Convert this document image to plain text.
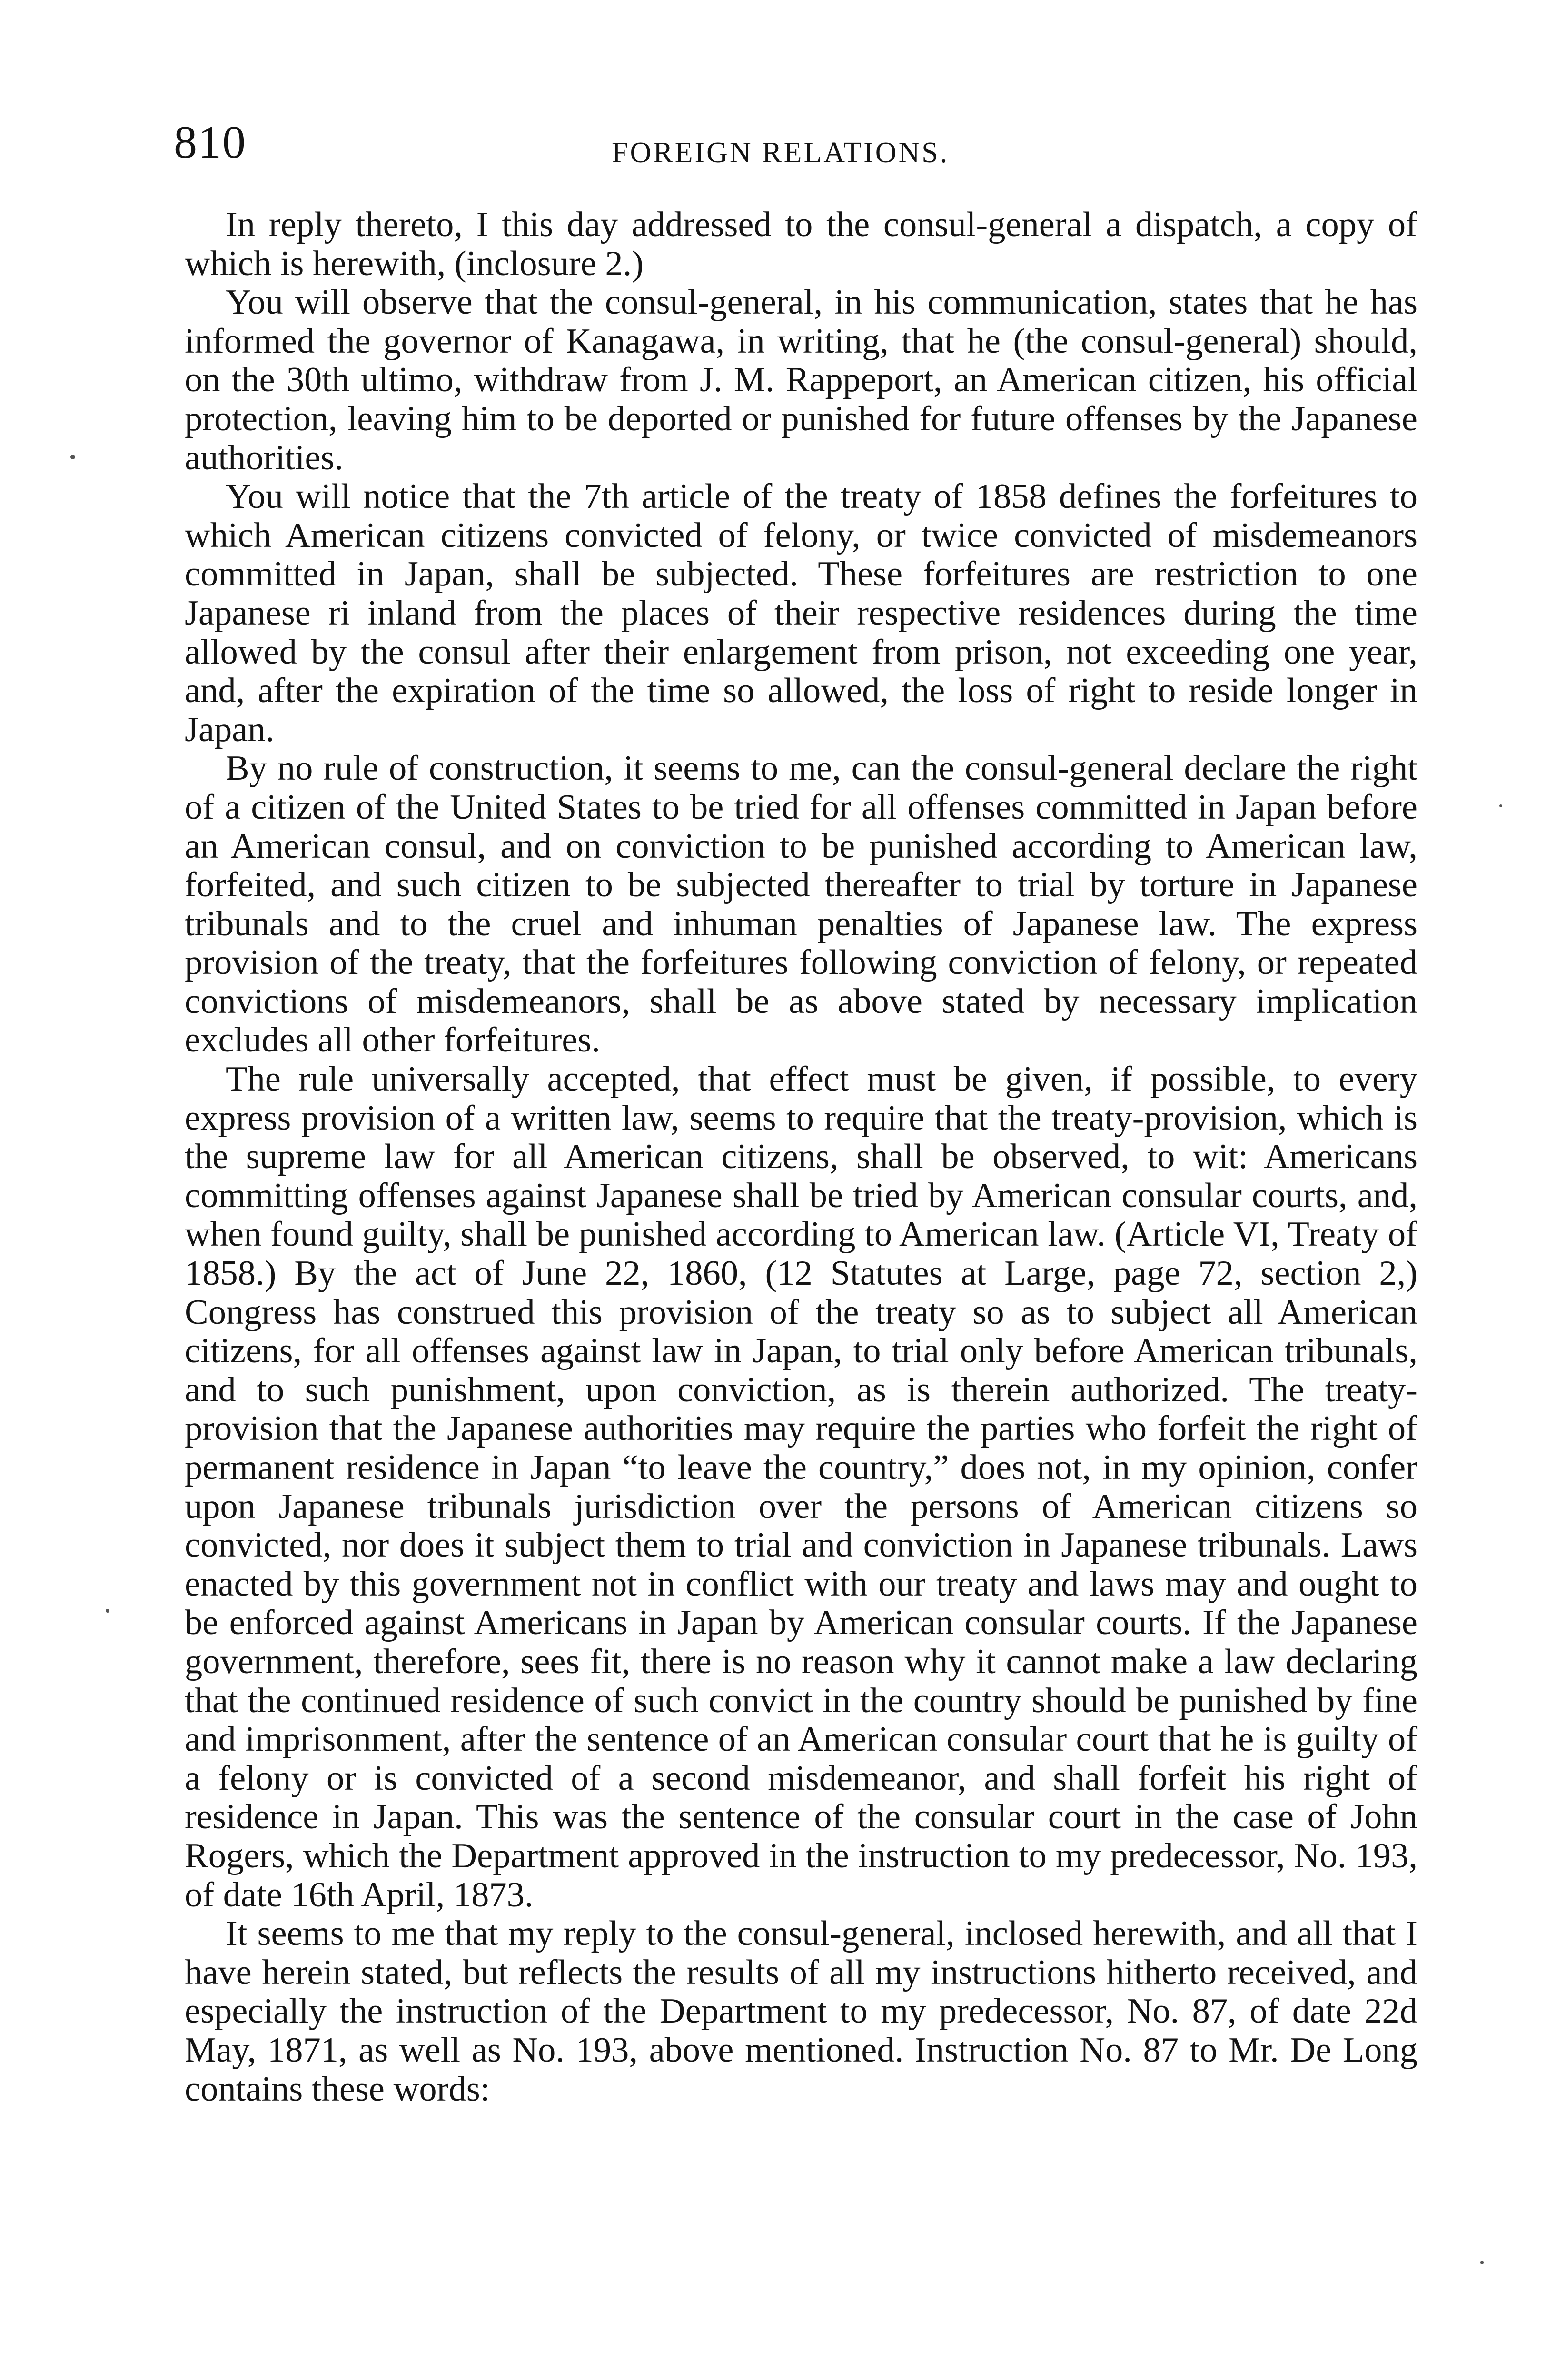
810	FOREIGN RELATIONS.

In reply thereto, I this day addressed to the consul-general a dispatch, a copy of which is herewith, (inclosure 2.)

You will observe that the consul-general, in his communication, states that he has informed the governor of Kanagawa, in writing, that he (the consul-general) should, on the 30th ultimo, withdraw from J. M. Rappeport, an American citizen, his official protection, leaving him to be deported or punished for future offenses by the Japanese authorities.

You will notice that the 7th article of the treaty of 1858 defines the forfeitures to which American citizens convicted of felony, or twice convicted of misdemeanors committed in Japan, shall be subjected. These forfeitures are restriction to one Japanese ri inland from the places of their respective residences during the time allowed by the consul after their enlargement from prison, not exceeding one year, and, after the expiration of the time so allowed, the loss of right to reside longer in Japan.

By no rule of construction, it seems to me, can the consul-general declare the right of a citizen of the United States to be tried for all offenses committed in Japan before an American consul, and on conviction to be punished according to American law, forfeited, and such citizen to be subjected thereafter to trial by torture in Japanese tribunals and to the cruel and inhuman penalties of Japanese law. The express provision of the treaty, that the forfeitures following conviction of felony, or repeated convictions of misdemeanors, shall be as above stated by necessary implication excludes all other forfeitures.

The rule universally accepted, that effect must be given, if possible, to every express provision of a written law, seems to require that the treaty-provision, which is the supreme law for all American citizens, shall be observed, to wit: Americans committing offenses against Japanese shall be tried by American consular courts, and, when found guilty, shall be punished according to American law. (Article VI, Treaty of 1858.) By the act of June 22, 1860, (12 Statutes at Large, page 72, section 2,) Congress has construed this provision of the treaty so as to subject all American citizens, for all offenses against law in Japan, to trial only before American tribunals, and to such punishment, upon conviction, as is therein authorized. The treaty-provision that the Japanese authorities may require the parties who forfeit the right of permanent residence in Japan “to leave the country,” does not, in my opinion, confer upon Japanese tribunals jurisdiction over the persons of American citizens so convicted, nor does it subject them to trial and conviction in Japanese tribunals. Laws enacted by this government not in conflict with our treaty and laws may and ought to be enforced against Americans in Japan by American consular courts. If the Japanese government, therefore, sees fit, there is no reason why it cannot make a law declaring that the continued residence of such convict in the country should be punished by fine and imprisonment, after the sentence of an American consular court that he is guilty of a felony or is convicted of a second misdemeanor, and shall forfeit his right of residence in Japan. This was the sentence of the consular court in the case of John Rogers, which the Department approved in the instruction to my predecessor, No. 193, of date 16th April, 1873.

It seems to me that my reply to the consul-general, inclosed herewith, and all that I have herein stated, but reflects the results of all my instructions hitherto received, and especially the instruction of the Department to my predecessor, No. 87, of date 22d May, 1871, as well as No. 193, above mentioned. Instruction No. 87 to Mr. De Long contains these words:
